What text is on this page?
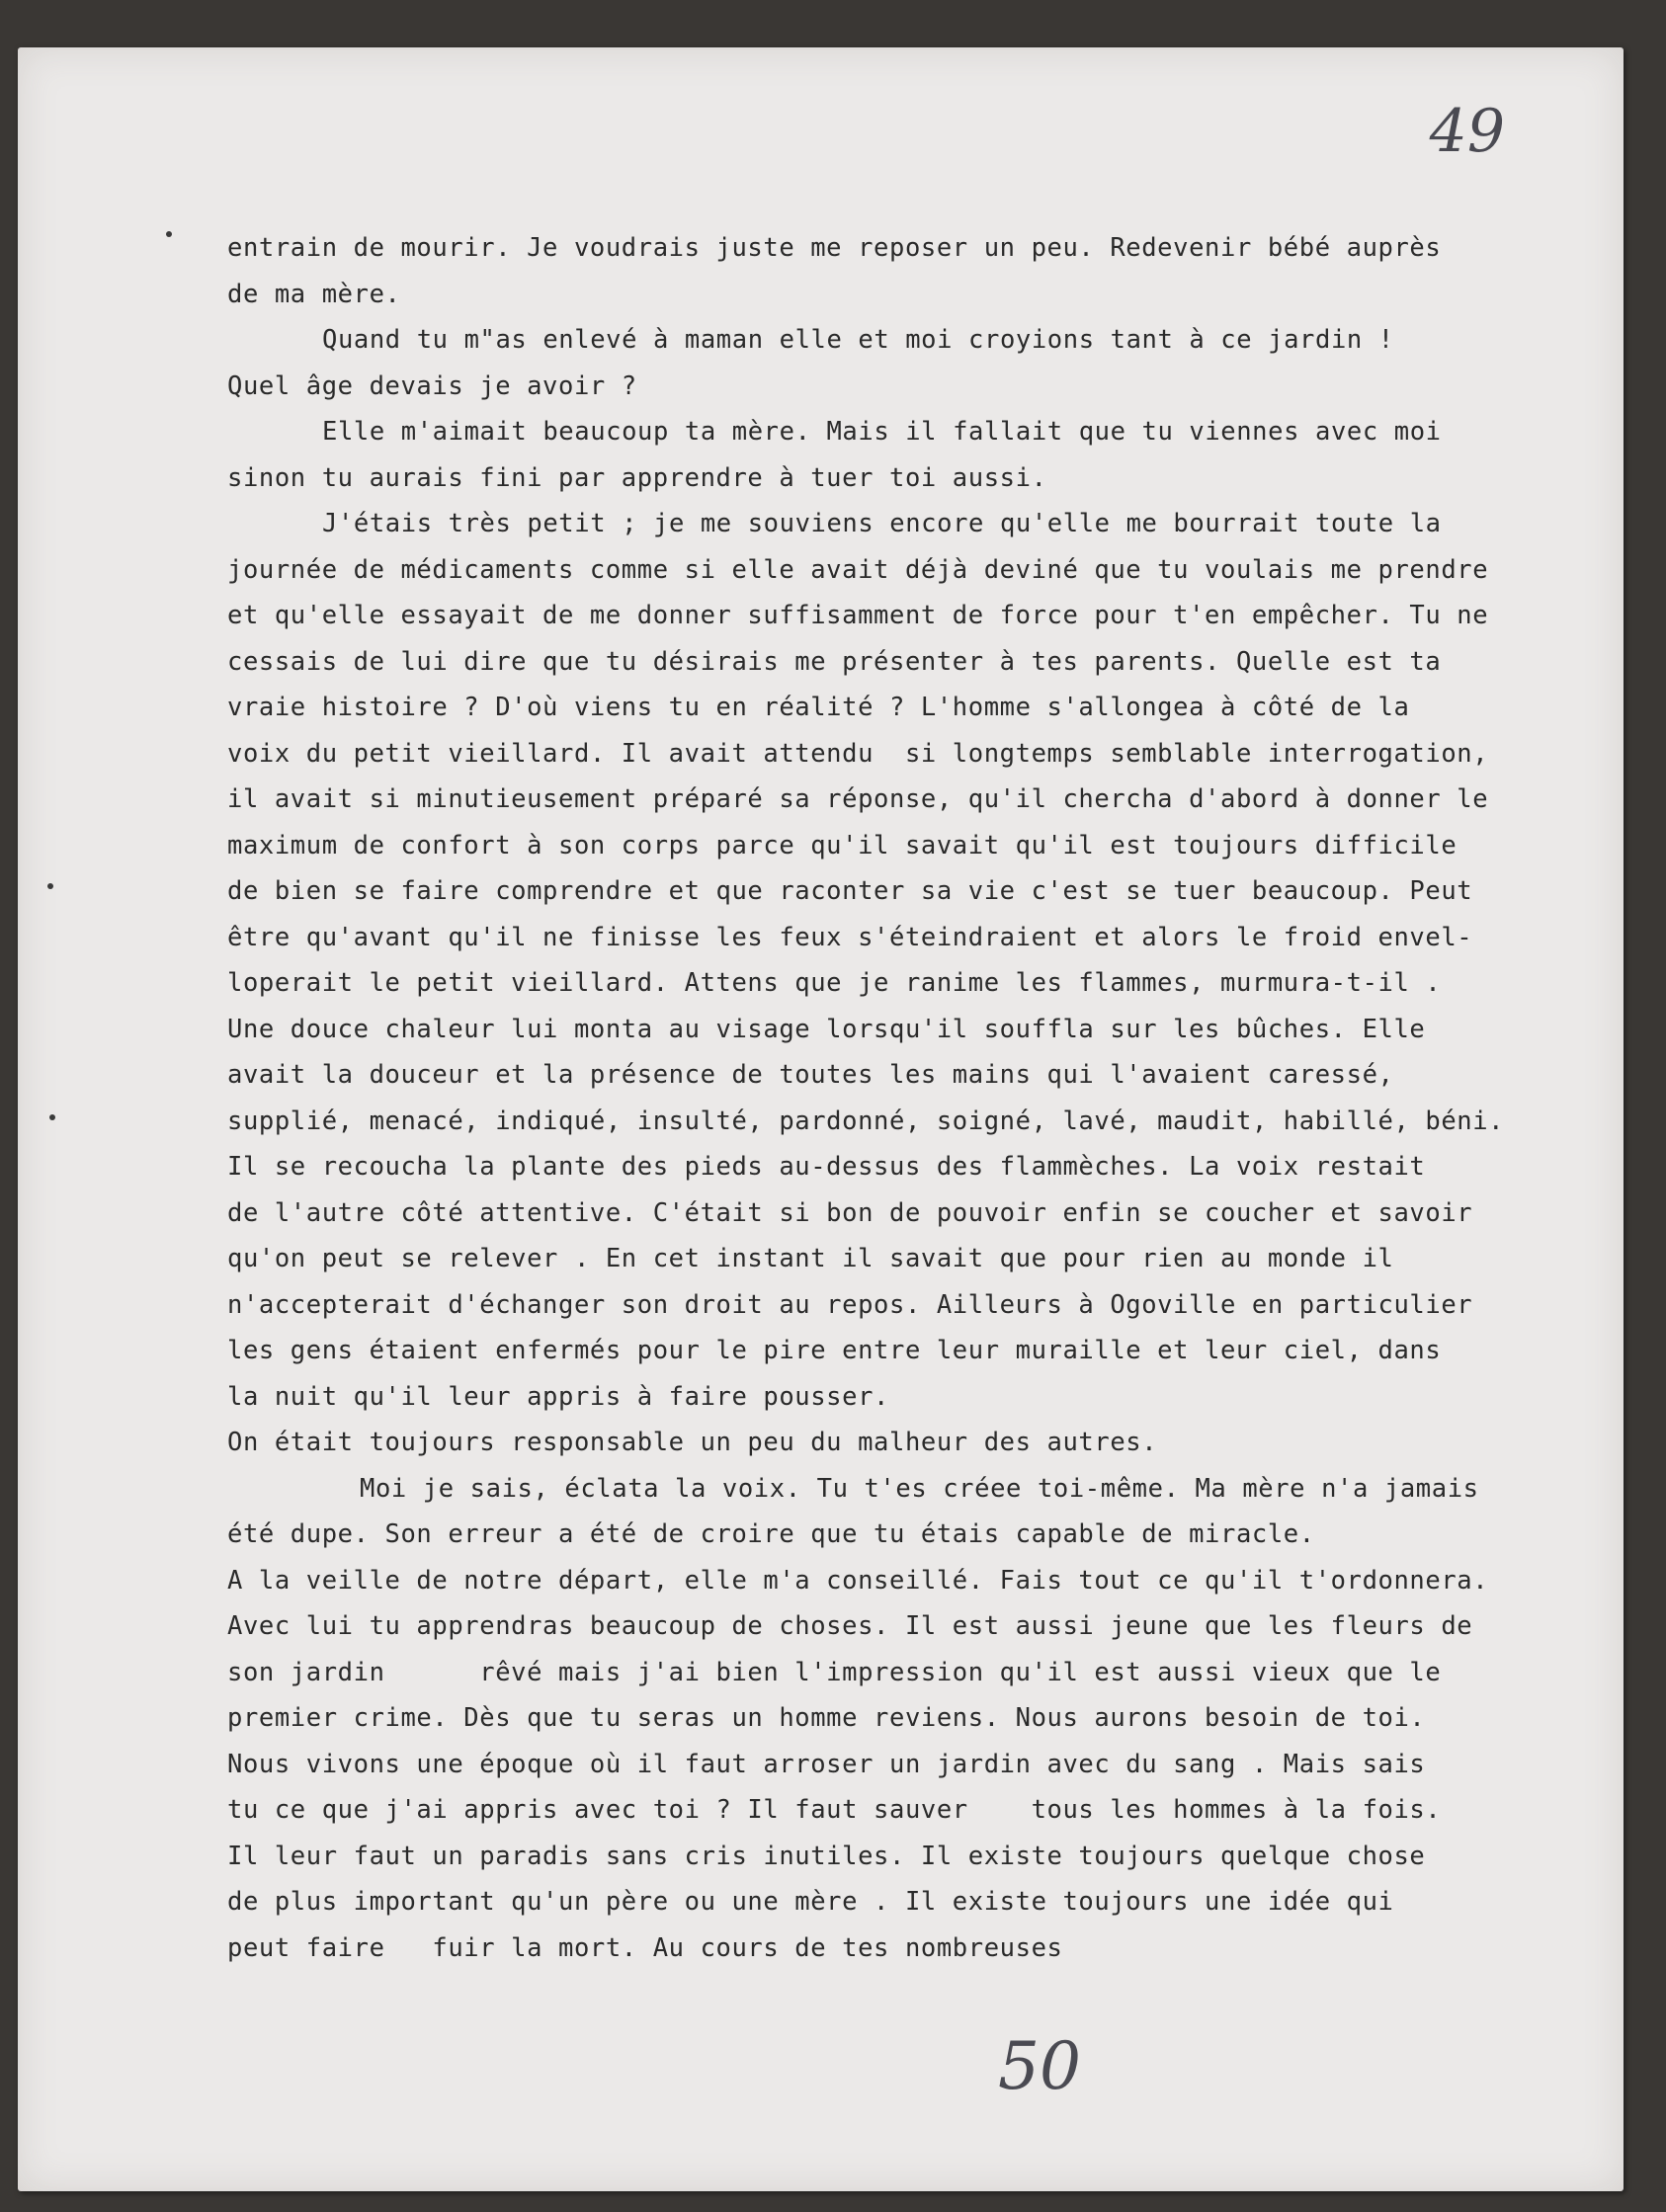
49
entrain de mourir. Je voudrais juste me reposer un peu. Redevenir bébé auprès
de ma mère.
Quand tu m"as enlevé à maman elle et moi croyions tant à ce jardin !
Quel âge devais je avoir ?
Elle m'aimait beaucoup ta mère. Mais il fallait que tu viennes avec moi
sinon tu aurais fini par apprendre à tuer toi aussi.
J'étais très petit ; je me souviens encore qu'elle me bourrait toute la
journée de médicaments comme si elle avait déjà deviné que tu voulais me prendre
et qu'elle essayait de me donner suffisamment de force pour t'en empêcher. Tu ne
cessais de lui dire que tu désirais me présenter à tes parents. Quelle est ta
vraie histoire ? D'où viens tu en réalité ? L'homme s'allongea à côté de la
voix du petit vieillard. Il avait attendu  si longtemps semblable interrogation,
il avait si minutieusement préparé sa réponse, qu'il chercha d'abord à donner le
maximum de confort à son corps parce qu'il savait qu'il est toujours difficile
de bien se faire comprendre et que raconter sa vie c'est se tuer beaucoup. Peut
être qu'avant qu'il ne finisse les feux s'éteindraient et alors le froid envel-
loperait le petit vieillard. Attens que je ranime les flammes, murmura-t-il .
Une douce chaleur lui monta au visage lorsqu'il souffla sur les bûches. Elle
avait la douceur et la présence de toutes les mains qui l'avaient caressé,
supplié, menacé, indiqué, insulté, pardonné, soigné, lavé, maudit, habillé, béni.
Il se recoucha la plante des pieds au-dessus des flammèches. La voix restait
de l'autre côté attentive. C'était si bon de pouvoir enfin se coucher et savoir
qu'on peut se relever . En cet instant il savait que pour rien au monde il
n'accepterait d'échanger son droit au repos. Ailleurs à Ogoville en particulier
les gens étaient enfermés pour le pire entre leur muraille et leur ciel, dans
la nuit qu'il leur appris à faire pousser.
On était toujours responsable un peu du malheur des autres.
Moi je sais, éclata la voix. Tu t'es créee toi-même. Ma mère n'a jamais
été dupe. Son erreur a été de croire que tu étais capable de miracle.
A la veille de notre départ, elle m'a conseillé. Fais tout ce qu'il t'ordonnera.
Avec lui tu apprendras beaucoup de choses. Il est aussi jeune que les fleurs de
son jardin      rêvé mais j'ai bien l'impression qu'il est aussi vieux que le
premier crime. Dès que tu seras un homme reviens. Nous aurons besoin de toi.
Nous vivons une époque où il faut arroser un jardin avec du sang . Mais sais
tu ce que j'ai appris avec toi ? Il faut sauver    tous les hommes à la fois.
Il leur faut un paradis sans cris inutiles. Il existe toujours quelque chose
de plus important qu'un père ou une mère . Il existe toujours une idée qui
peut faire   fuir la mort. Au cours de tes nombreuses
50
